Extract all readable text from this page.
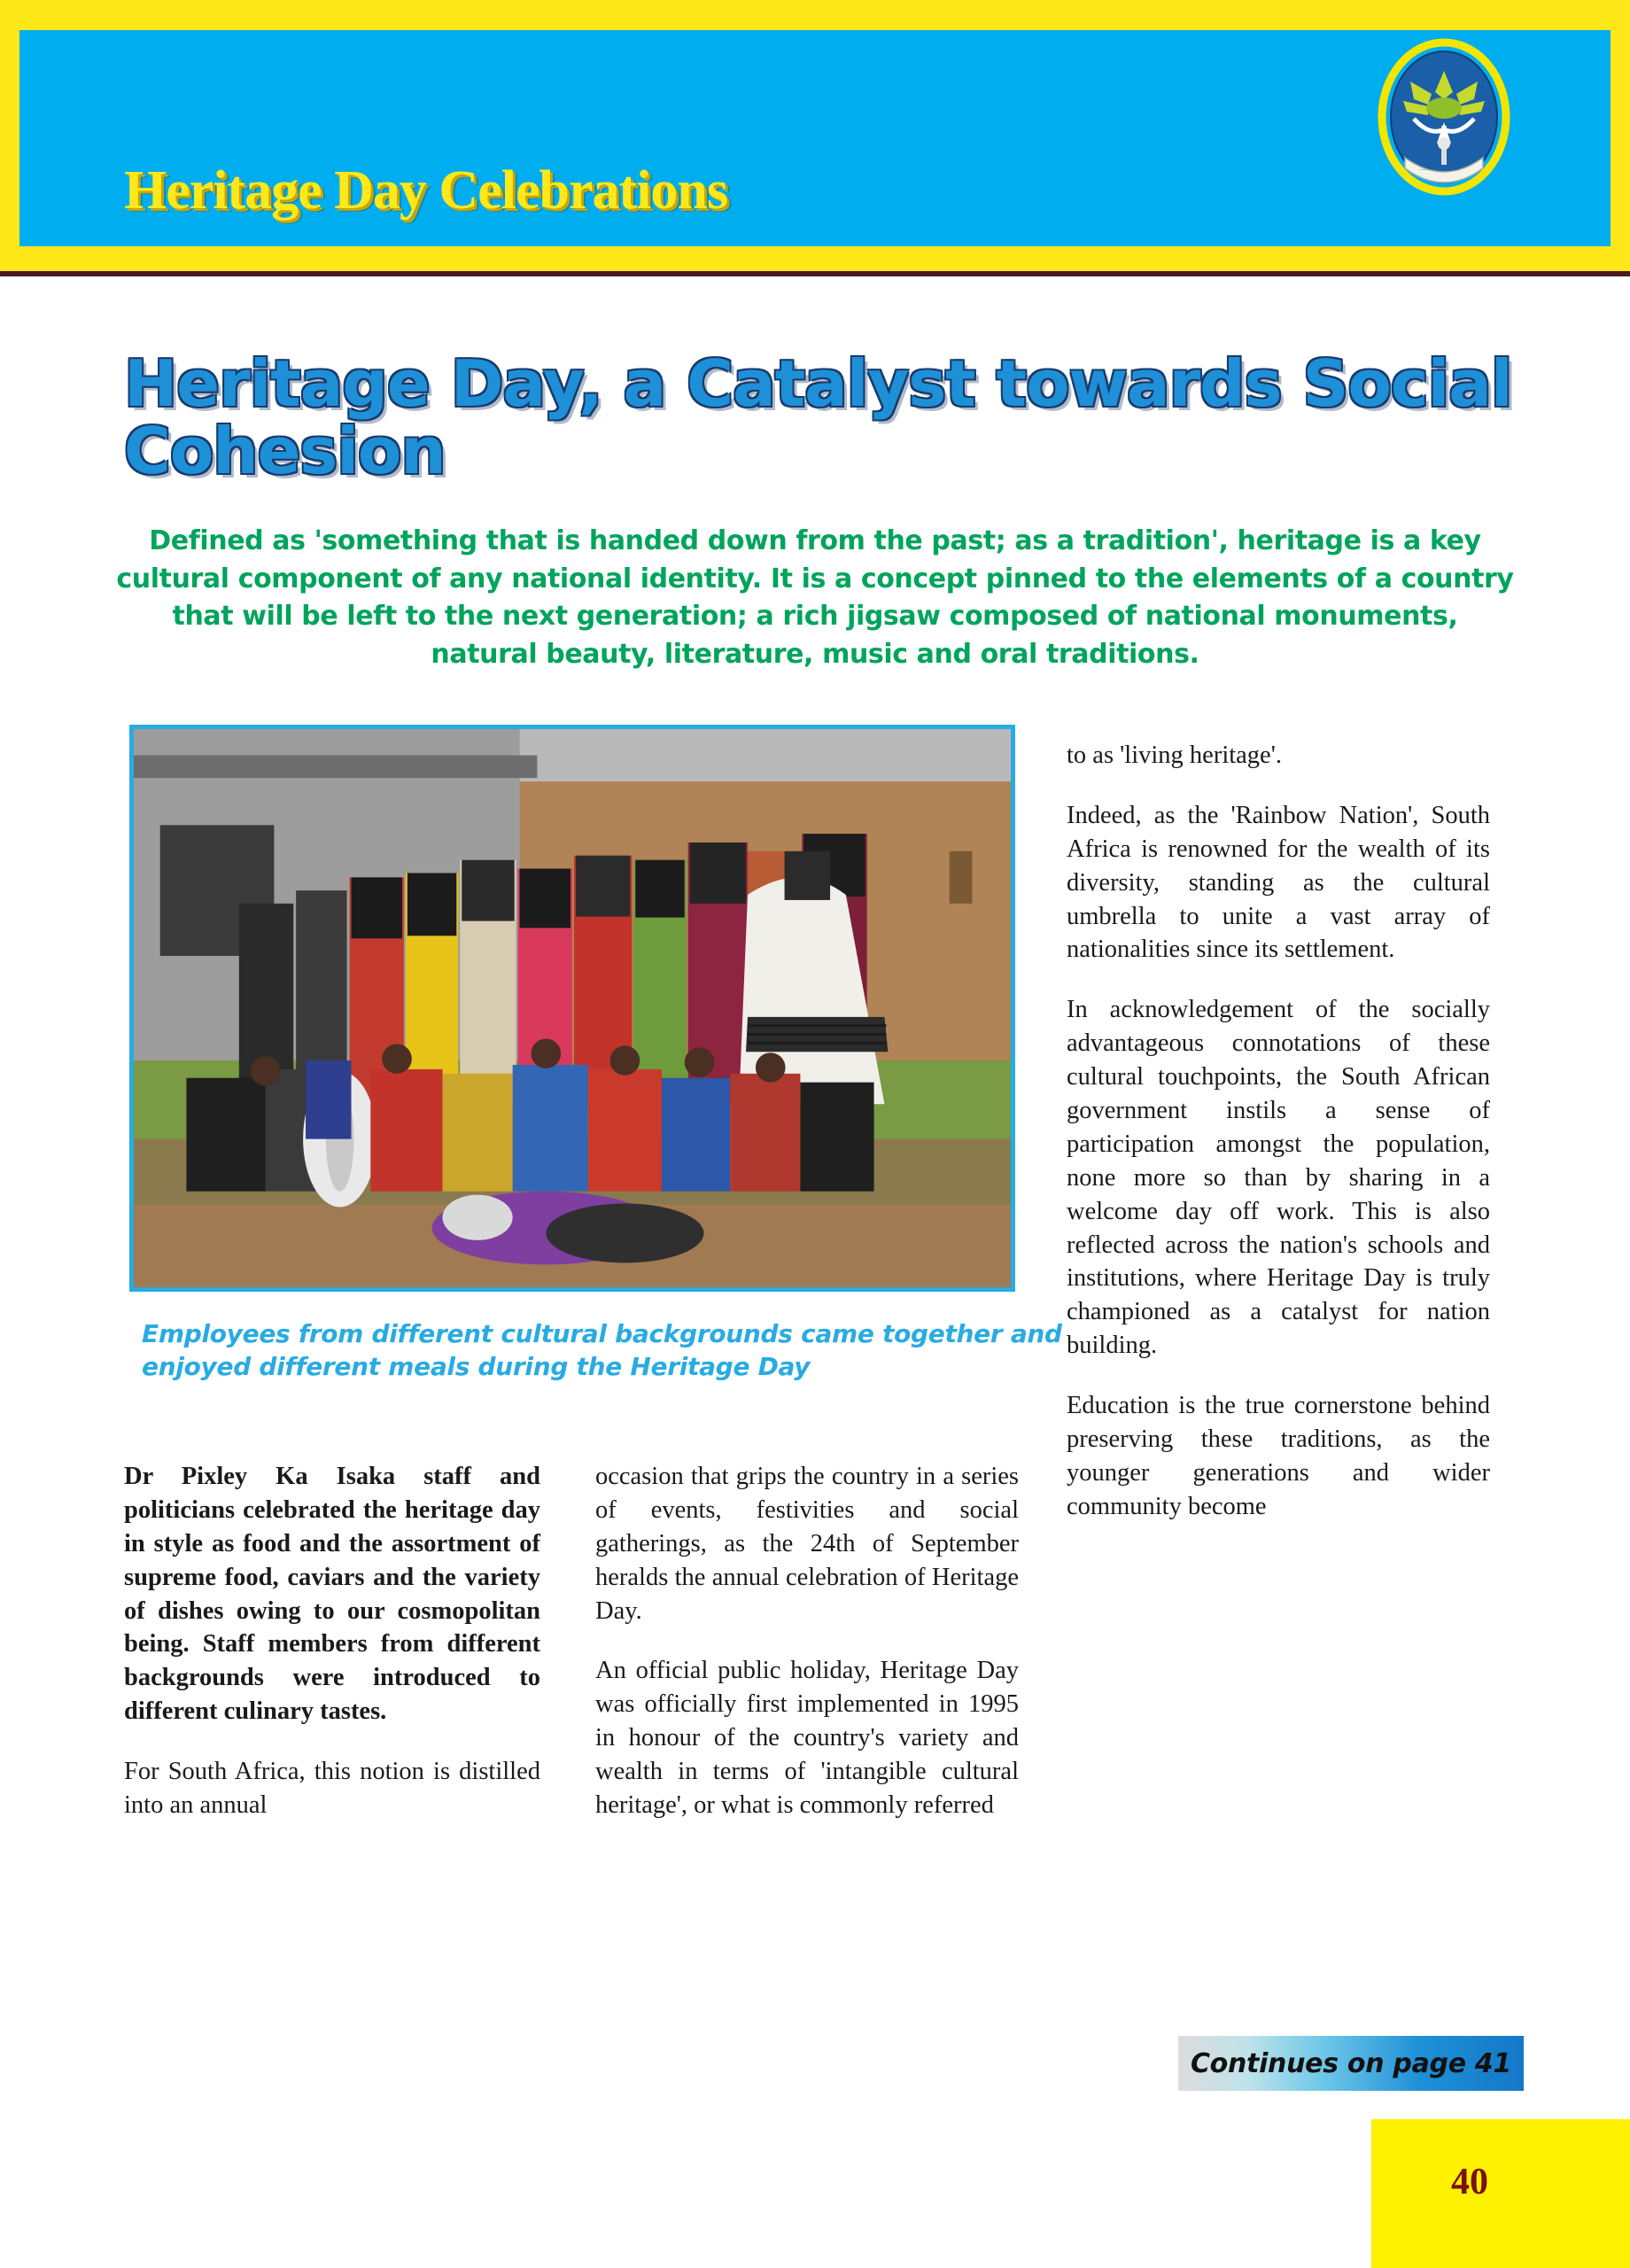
Heritage Day Celebrations	·····	·····
Heritage Day, a Catalyst towards Social Cohesion
Defined as 'something that is handed down from the past; as a tradition', heritage is a key cultural component of any national identity. It is a concept pinned to the elements of a country that will be left to the next generation; a rich jigsaw composed of national monuments, natural beauty, literature, music and oral traditions.
Employees from different cultural backgrounds came together and enjoyed different meals during the Heritage Day

Dr Pixley Ka Isaka staff and politicians celebrated the heritage day in style as food and the assortment of supreme food, caviars and the variety of dishes owing to our cosmopolitan being. Staff members from different backgrounds were introduced to different culinary tastes.

For South Africa, this notion is distilled into an annual

occasion that grips the country in a series of events, festivities and social gatherings, as the 24th of September heralds the annual celebration of Heritage Day.

An official public holiday, Heritage Day was officially first implemented in 1995 in honour of the country's variety and wealth in terms of 'intangible cultural heritage', or what is commonly referred

to as 'living heritage'.

Indeed, as the 'Rainbow Nation', South Africa is renowned for the wealth of its diversity, standing as the cultural umbrella to unite a vast array of nationalities since its settlement.

In acknowledgement of the socially advantageous connotations of these cultural touchpoints, the South African government instils a sense of participation amongst the population, none more so than by sharing in a welcome day off work. This is also reflected across the nation's schools and institutions, where Heritage Day is truly championed as a catalyst for nation building.

Education is the true cornerstone behind preserving these traditions, as the younger generations and wider community become

Continues on page 41
40
